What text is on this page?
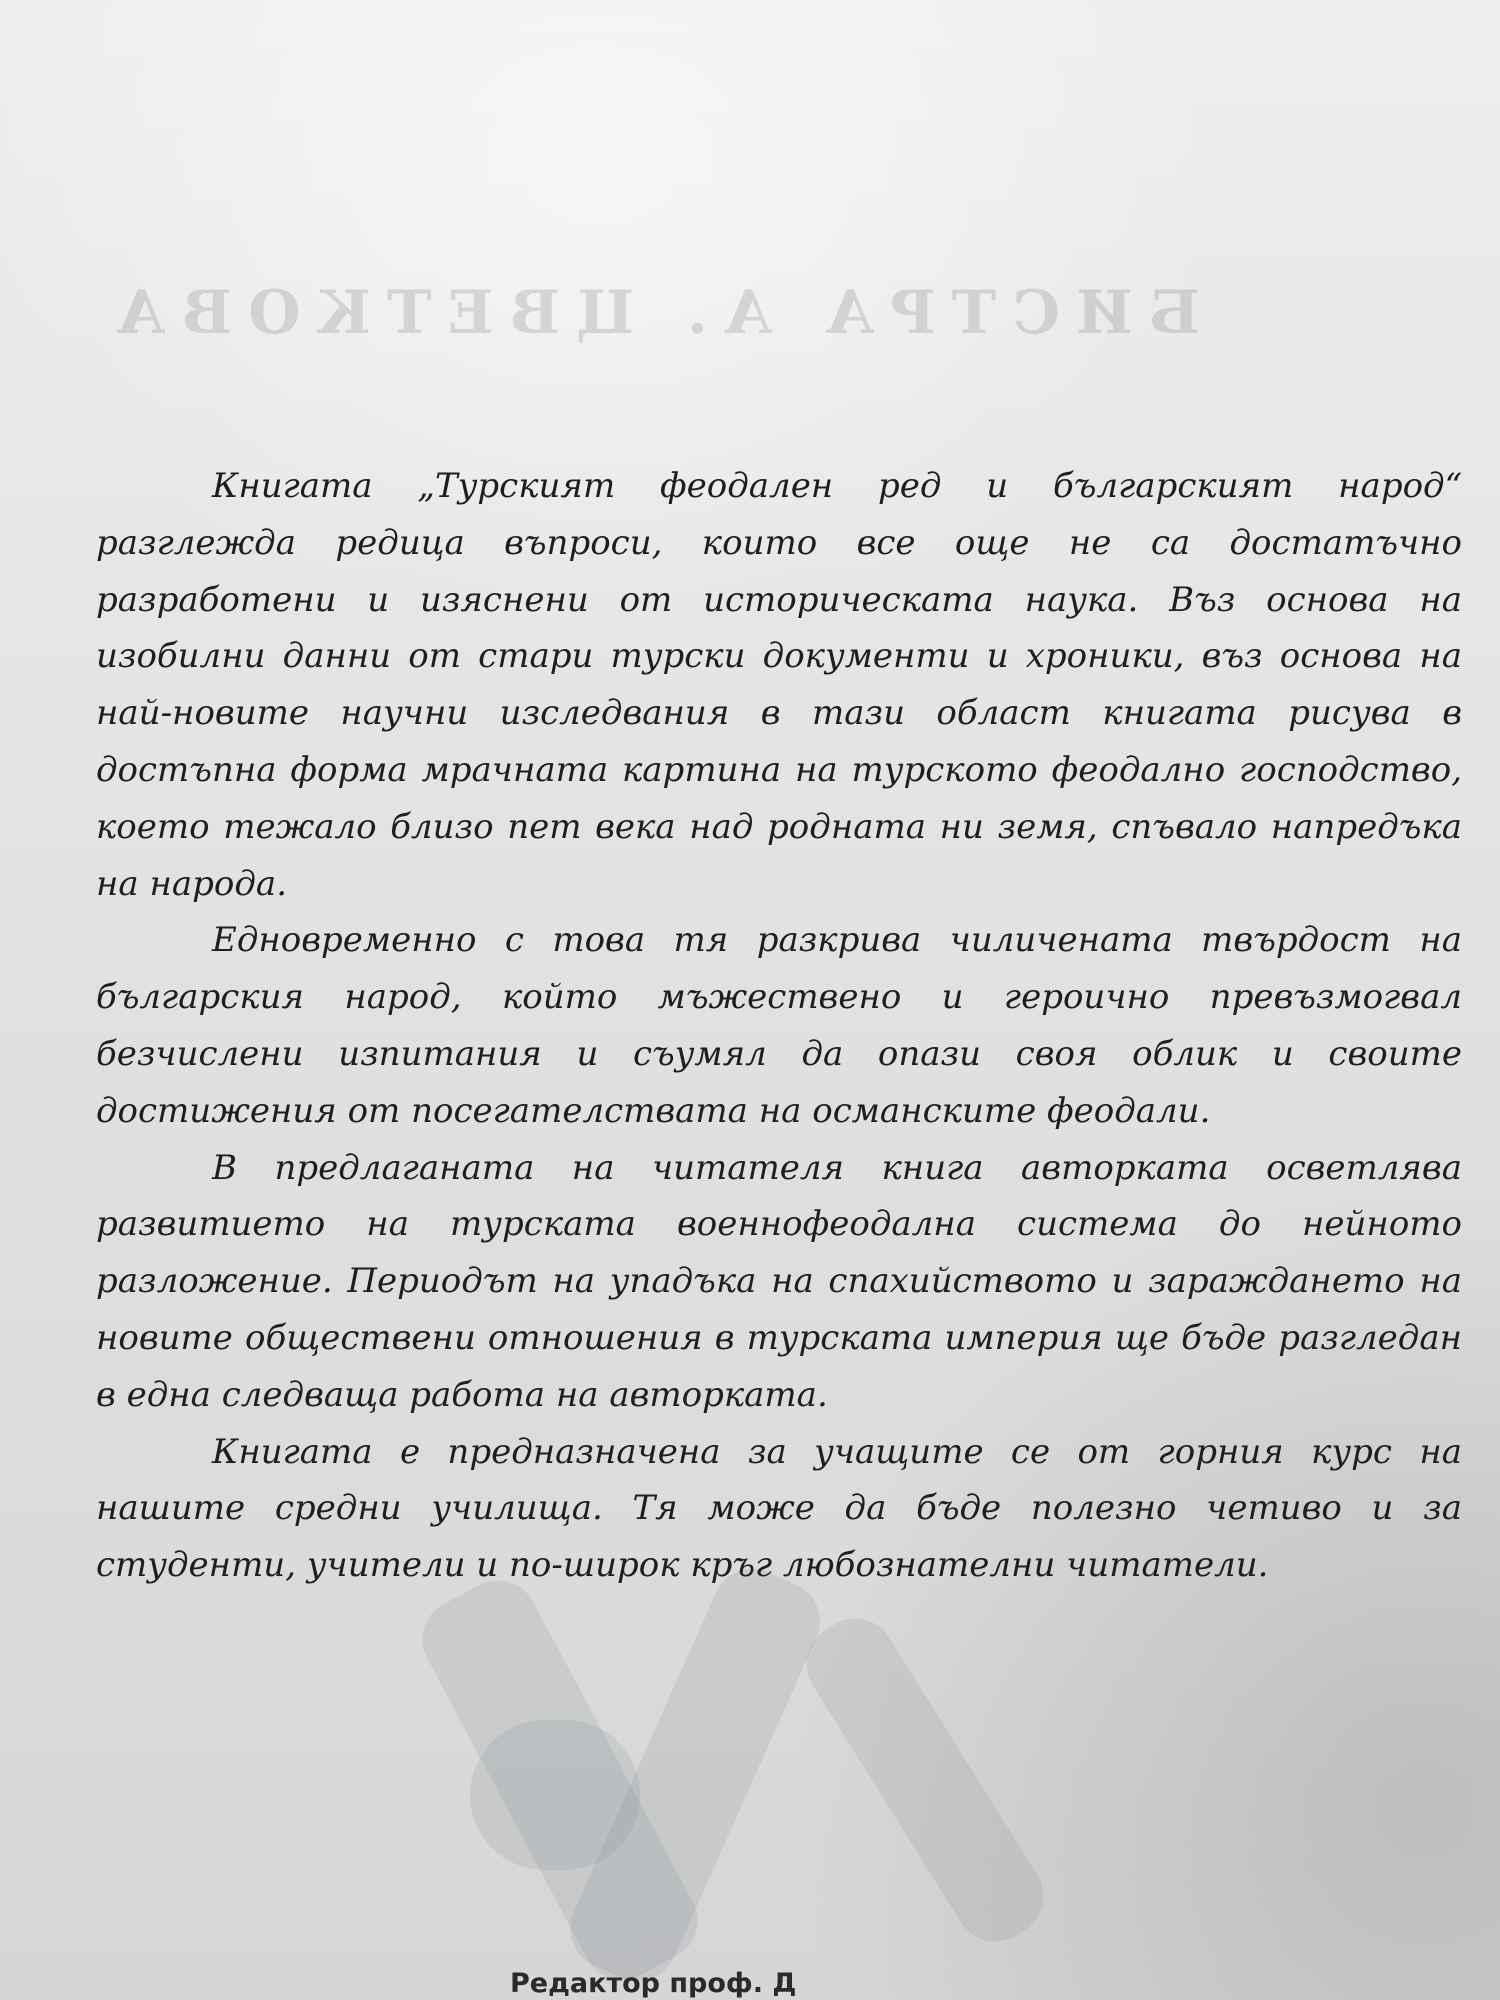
БИСТРА А. ЦВЕТКОВА

Книгата „Турският феодален ред и българският народ“ разглежда редица въпроси, които все още не са достатъчно разработени и изяснени от историческата наука. Въз основа на изобилни данни от стари турски документи и хроники, въз основа на най-новите научни изследвания в тази област книгата рисува в достъпна форма мрачната картина на турското феодално господство, което тежало близо пет века над родната ни земя, спъвало напредъка на народа.

Едновременно с това тя разкрива чиличената твърдост на българския народ, който мъжествено и героично превъзмогвал безчислени изпитания и съумял да опази своя облик и своите достижения от посегателствата на османските феодали.

В предлаганата на читателя книга авторката осветлява развитието на турската военнофеодална система до нейното разложение. Периодът на упадъка на спахийството и зараждането на новите обществени отношения в турската империя ще бъде разгледан в една следваща работа на авторката.

Книгата е предназначена за учащите се от горния курс на нашите средни училища. Тя може да бъде полезно четиво и за студенти, учители и по-широк кръг любознателни читатели.

Редактор проф. Д
